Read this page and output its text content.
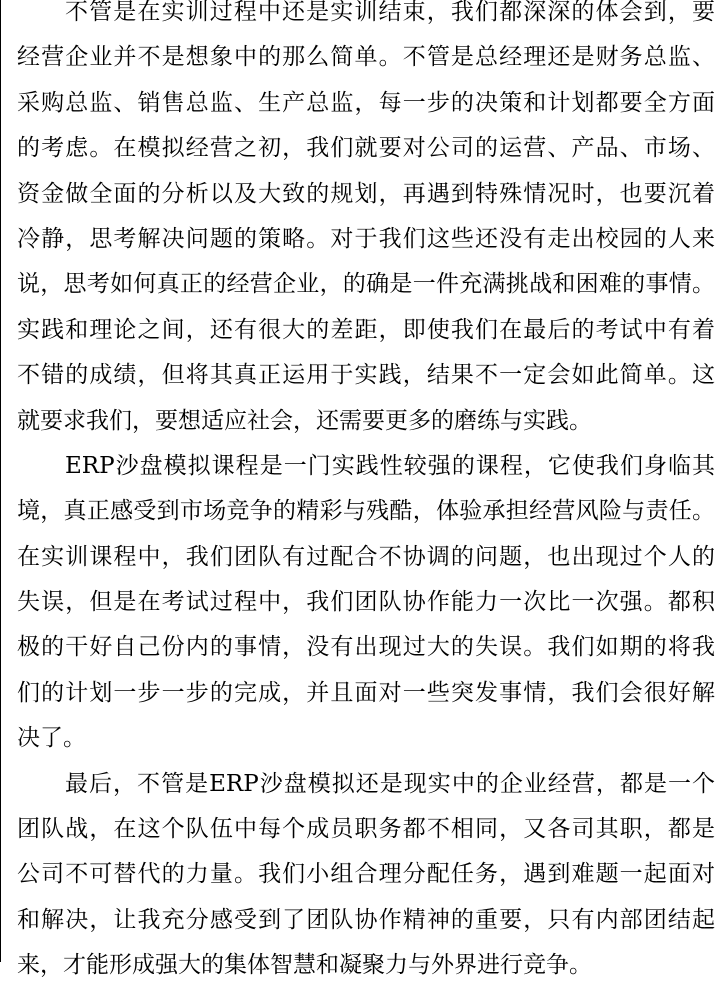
不管是在实训过程中还是实训结束，我们都深深的体会到，要
经营企业并不是想象中的那么简单。不管是总经理还是财务总监、
采购总监、销售总监、生产总监，每一步的决策和计划都要全方面
的考虑。在模拟经营之初，我们就要对公司的运营、产品、市场、
资金做全面的分析以及大致的规划，再遇到特殊情况时，也要沉着
冷静，思考解决问题的策略。对于我们这些还没有走出校园的人来
说，思考如何真正的经营企业，的确是一件充满挑战和困难的事情。
实践和理论之间，还有很大的差距，即使我们在最后的考试中有着
不错的成绩，但将其真正运用于实践，结果不一定会如此简单。这
就要求我们，要想适应社会，还需要更多的磨练与实践。
ERP沙盘模拟课程是一门实践性较强的课程，它使我们身临其
境，真正感受到市场竞争的精彩与残酷，体验承担经营风险与责任。
在实训课程中，我们团队有过配合不协调的问题，也出现过个人的
失误，但是在考试过程中，我们团队协作能力一次比一次强。都积
极的干好自己份内的事情，没有出现过大的失误。我们如期的将我
们的计划一步一步的完成，并且面对一些突发事情，我们会很好解
决了。
最后，不管是ERP沙盘模拟还是现实中的企业经营，都是一个
团队战，在这个队伍中每个成员职务都不相同，又各司其职，都是
公司不可替代的力量。我们小组合理分配任务，遇到难题一起面对
和解决，让我充分感受到了团队协作精神的重要，只有内部团结起
来，才能形成强大的集体智慧和凝聚力与外界进行竞争。
